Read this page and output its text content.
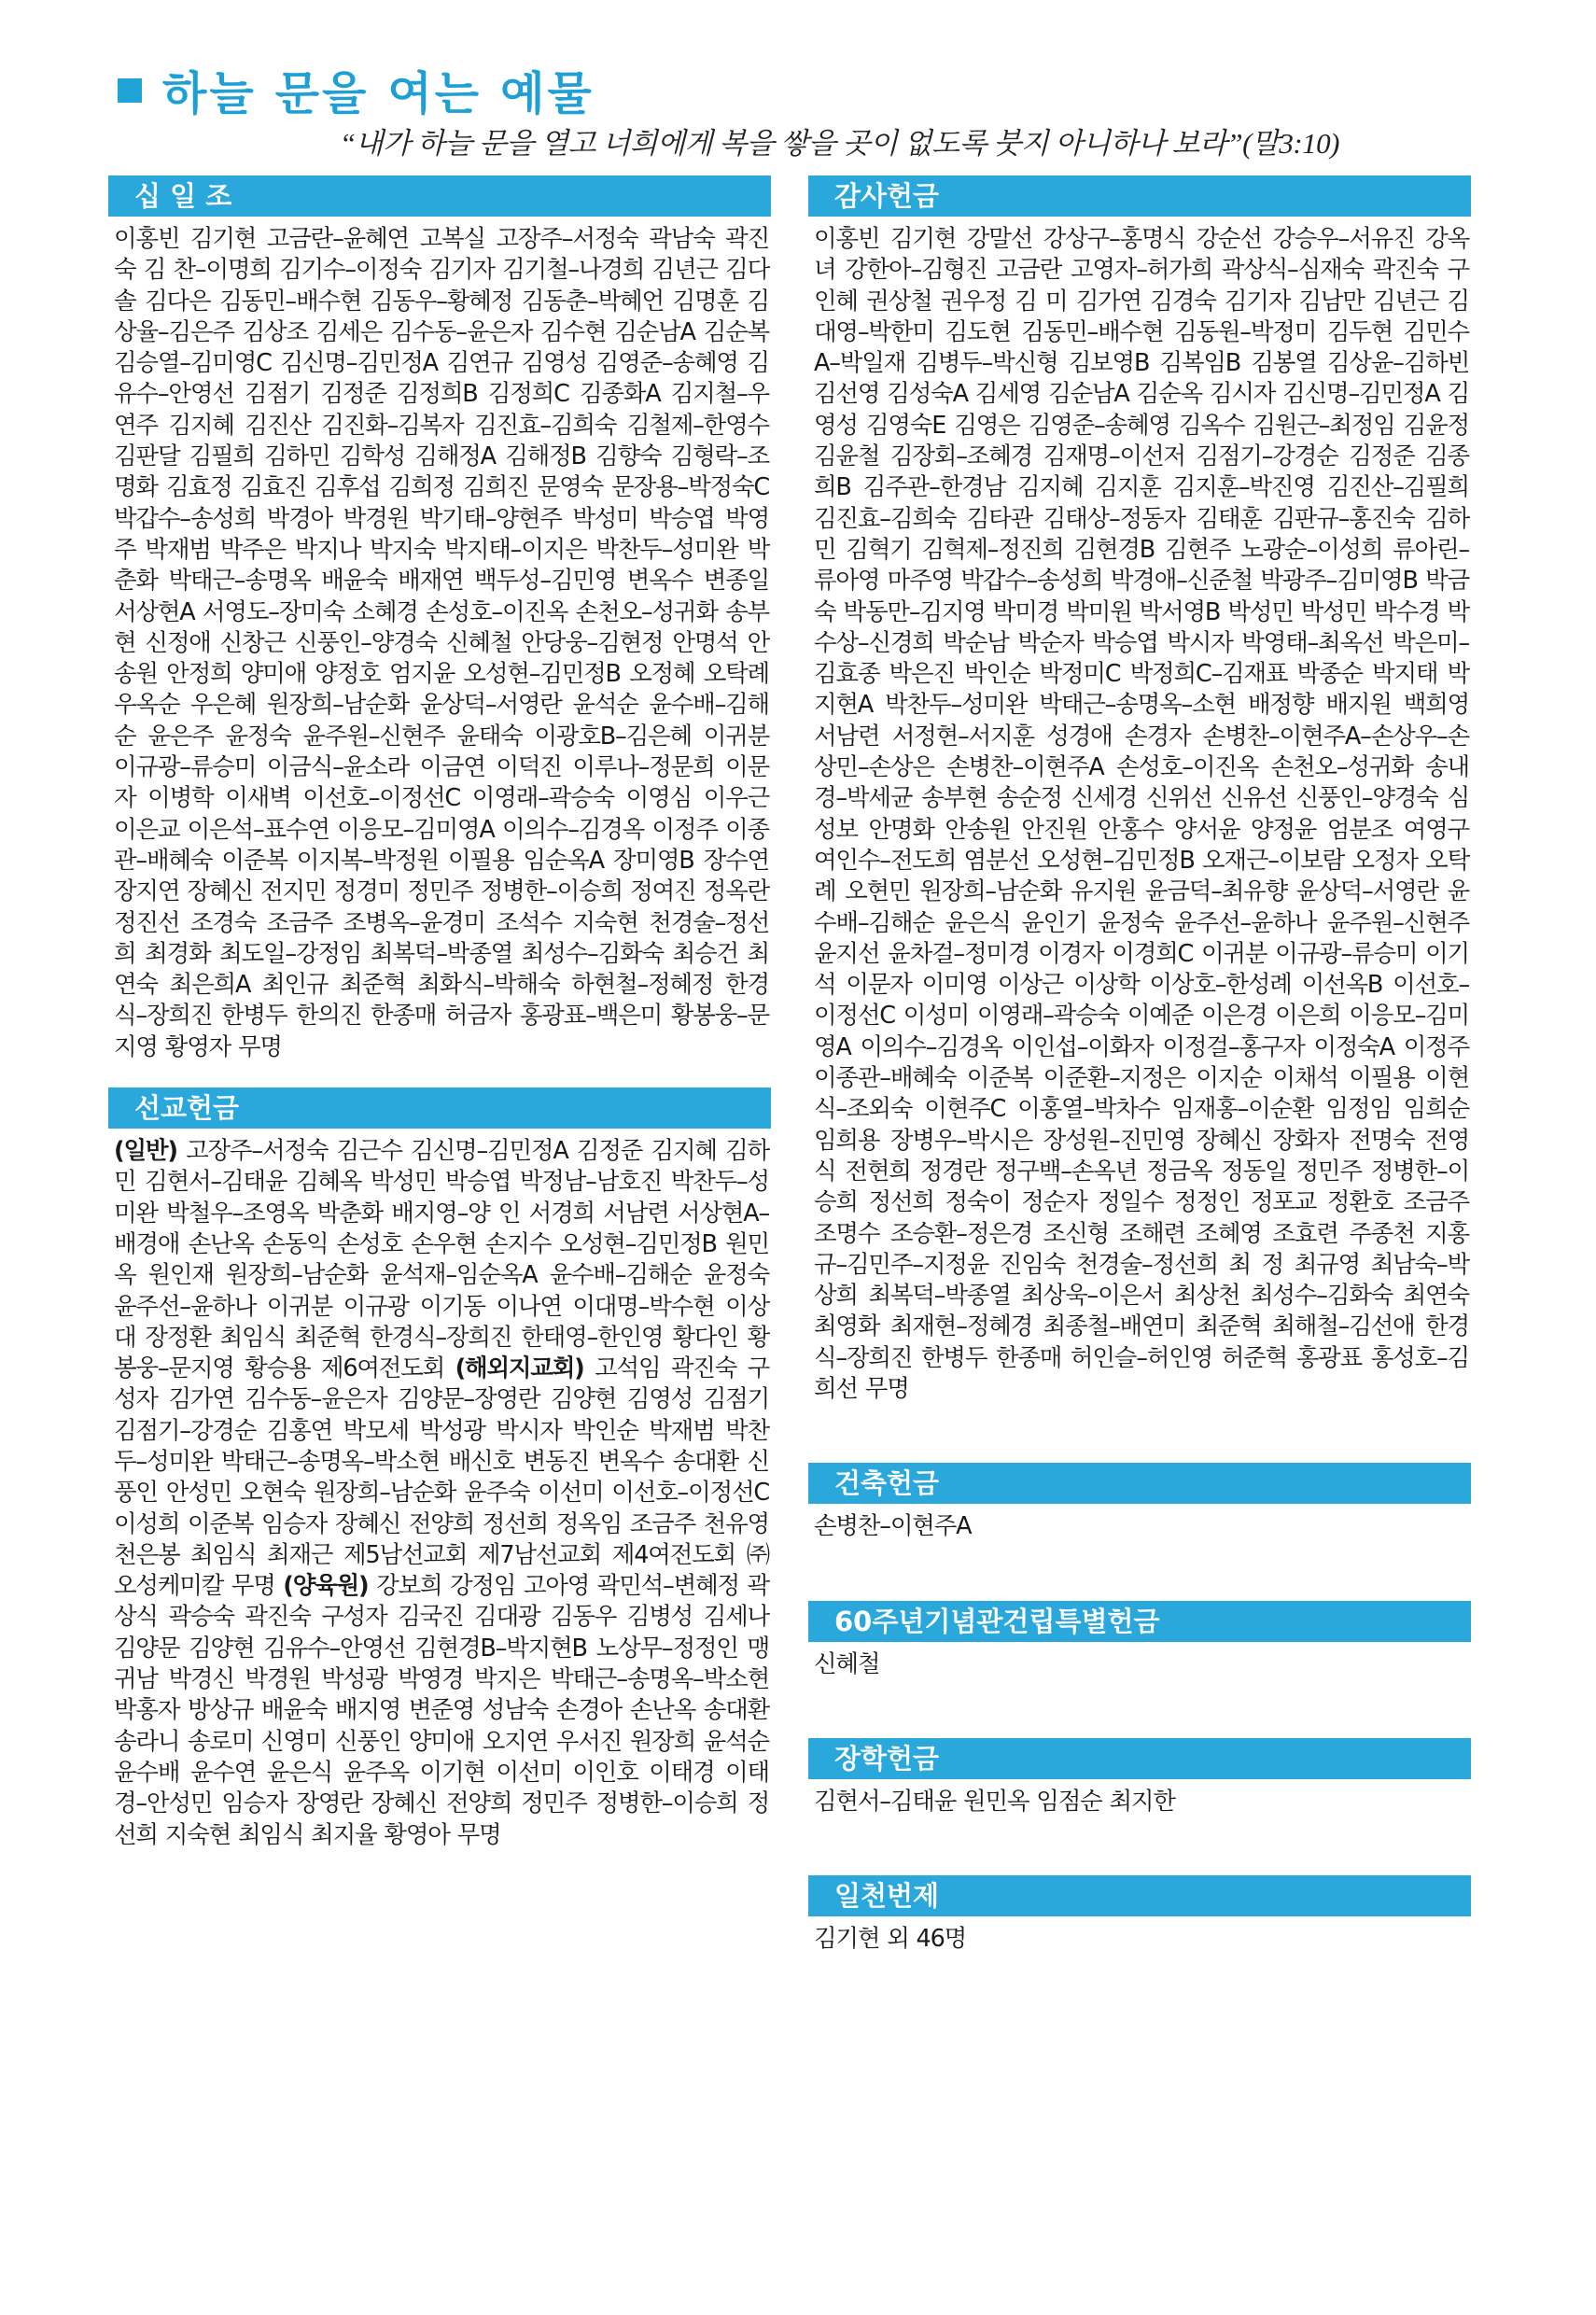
하늘 문을 여는 예물
“내가 하늘 문을 열고 너희에게 복을 쌓을 곳이 없도록 붓지 아니하나 보라”(말3:10)
십 일 조
이홍빈 김기현 고금란–윤혜연 고복실 고장주–서정숙 곽남숙 곽진숙 김 찬–이명희 김기수–이정숙 김기자 김기철–나경희 김년근 김다솔 김다은 김동민–배수현 김동우–황혜정 김동춘–박혜언 김명훈 김상율–김은주 김상조 김세은 김수동–윤은자 김수현 김순남A 김순복 김승열–김미영C 김신명–김민정A 김연규 김영성 김영준–송혜영 김유수–안영선 김점기 김정준 김정희B 김정희C 김종화A 김지철–우연주 김지혜 김진산 김진화–김복자 김진효–김희숙 김철제–한영수 김판달 김필희 김하민 김학성 김해정A 김해정B 김향숙 김형락–조명화 김효정 김효진 김후섭 김희정 김희진 문영숙 문장용–박정숙C 박갑수–송성희 박경아 박경원 박기태–양현주 박성미 박승엽 박영주 박재범 박주은 박지나 박지숙 박지태–이지은 박찬두–성미완 박춘화 박태근–송명옥 배윤숙 배재연 백두성–김민영 변옥수 변종일 서상현A 서영도–장미숙 소혜경 손성호–이진옥 손천오–성귀화 송부현 신정애 신창근 신풍인–양경숙 신혜철 안당웅–김현정 안명석 안송원 안정희 양미애 양정호 엄지윤 오성현–김민정B 오정혜 오탁례 우옥순 우은혜 원장희–남순화 윤상덕–서영란 윤석순 윤수배–김해순 윤은주 윤정숙 윤주원–신현주 윤태숙 이광호B–김은혜 이귀분 이규광–류승미 이금식–윤소라 이금연 이덕진 이루나–정문희 이문자 이병학 이새벽 이선호–이정선C 이영래–곽승숙 이영심 이우근 이은교 이은석–표수연 이응모–김미영A 이의수–김경옥 이정주 이종관–배혜숙 이준복 이지복–박정원 이필용 임순옥A 장미영B 장수연 장지연 장혜신 전지민 정경미 정민주 정병한–이승희 정여진 정옥란 정진선 조경숙 조금주 조병옥–윤경미 조석수 지숙현 천경술–정선희 최경화 최도일–강정임 최복덕–박종열 최성수–김화숙 최승건 최연숙 최은희A 최인규 최준혁 최화식–박해숙 하현철–정혜정 한경식–장희진 한병두 한의진 한종매 허금자 홍광표–백은미 황봉웅–문지영 황영자 무명
선교헌금
(일반) 고장주–서정숙 김근수 김신명–김민정A 김정준 김지혜 김하민 김현서–김태윤 김혜옥 박성민 박승엽 박정남–남호진 박찬두–성미완 박철우–조영옥 박춘화 배지영–양 인 서경희 서남련 서상현A–배경애 손난옥 손동익 손성호 손우현 손지수 오성현–김민정B 원민옥 원인재 원장희–남순화 윤석재–임순옥A 윤수배–김해순 윤정숙 윤주선–윤하나 이귀분 이규광 이기동 이나연 이대명–박수현 이상대 장정환 최임식 최준혁 한경식–장희진 한태영–한인영 황다인 황봉웅–문지영 황승용 제6여전도회 (해외지교회) 고석임 곽진숙 구성자 김가연 김수동–윤은자 김양문–장영란 김양현 김영성 김점기 김점기–강경순 김홍연 박모세 박성광 박시자 박인순 박재범 박찬두–성미완 박태근–송명옥–박소현 배신호 변동진 변옥수 송대환 신풍인 안성민 오현숙 원장희–남순화 윤주숙 이선미 이선호–이정선C 이성희 이준복 임승자 장혜신 전양희 정선희 정옥임 조금주 천유영 천은봉 최임식 최재근 제5남선교회 제7남선교회 제4여전도회 ㈜오성케미칼 무명 (양육원) 강보희 강정임 고아영 곽민석–변혜정 곽상식 곽승숙 곽진숙 구성자 김국진 김대광 김동우 김병성 김세나 김양문 김양현 김유수–안영선 김현경B–박지현B 노상무–정정인 맹귀남 박경신 박경원 박성광 박영경 박지은 박태근–송명옥–박소현 박홍자 방상규 배윤숙 배지영 변준영 성남숙 손경아 손난옥 송대환 송라니 송로미 신영미 신풍인 양미애 오지연 우서진 원장희 윤석순 윤수배 윤수연 윤은식 윤주옥 이기현 이선미 이인호 이태경 이태경–안성민 임승자 장영란 장혜신 전양희 정민주 정병한–이승희 정선희 지숙현 최임식 최지율 황영아 무명
감사헌금
이홍빈 김기현 강말선 강상구–홍명식 강순선 강승우–서유진 강옥녀 강한아–김형진 고금란 고영자–허가희 곽상식–심재숙 곽진숙 구인혜 권상철 권우정 김 미 김가연 김경숙 김기자 김남만 김년근 김대영–박한미 김도현 김동민–배수현 김동원–박정미 김두현 김민수A–박일재 김병두–박신형 김보영B 김복임B 김봉열 김상윤–김하빈 김선영 김성숙A 김세영 김순남A 김순옥 김시자 김신명–김민정A 김영성 김영숙E 김영은 김영준–송혜영 김옥수 김원근–최정임 김윤정 김윤철 김장회–조혜경 김재명–이선저 김점기–강경순 김정준 김종희B 김주관–한경남 김지혜 김지훈 김지훈–박진영 김진산–김필희 김진효–김희숙 김타관 김태상–정동자 김태훈 김판규–홍진숙 김하민 김혁기 김혁제–정진희 김현경B 김현주 노광순–이성희 류아린–류아영 마주영 박갑수–송성희 박경애–신준철 박광주–김미영B 박금숙 박동만–김지영 박미경 박미원 박서영B 박성민 박성민 박수경 박수상–신경희 박순남 박순자 박승엽 박시자 박영태–최옥선 박은미–김효종 박은진 박인순 박정미C 박정희C–김재표 박종순 박지태 박지현A 박찬두–성미완 박태근–송명옥–소현 배정향 배지원 백희영 서남련 서정현–서지훈 성경애 손경자 손병찬–이현주A–손상우–손상민–손상은 손병찬–이현주A 손성호–이진옥 손천오–성귀화 송내경–박세균 송부현 송순정 신세경 신위선 신유선 신풍인–양경숙 심성보 안명화 안송원 안진원 안홍수 양서윤 양정윤 엄분조 여영구 여인수–전도희 염분선 오성현–김민정B 오재근–이보람 오정자 오탁례 오현민 원장희–남순화 유지원 윤금덕–최유향 윤상덕–서영란 윤수배–김해순 윤은식 윤인기 윤정숙 윤주선–윤하나 윤주원–신현주 윤지선 윤차걸–정미경 이경자 이경희C 이귀분 이규광–류승미 이기석 이문자 이미영 이상근 이상학 이상호–한성례 이선옥B 이선호–이정선C 이성미 이영래–곽승숙 이예준 이은경 이은희 이응모–김미영A 이의수–김경옥 이인섭–이화자 이정걸–홍구자 이정숙A 이정주 이종관–배혜숙 이준복 이준환–지정은 이지순 이채석 이필용 이현식–조외숙 이현주C 이홍열–박차수 임재홍–이순환 임정임 임희순 임희용 장병우–박시은 장성원–진민영 장혜신 장화자 전명숙 전영식 전현희 정경란 정구백–손옥년 정금옥 정동일 정민주 정병한–이승희 정선희 정숙이 정순자 정일수 정정인 정포교 정환호 조금주 조명수 조승환–정은경 조신형 조해련 조혜영 조효련 주종천 지홍규–김민주–지정윤 진임숙 천경술–정선희 최 정 최규영 최남숙–박상희 최복덕–박종열 최상욱–이은서 최상천 최성수–김화숙 최연숙 최영화 최재현–정혜경 최종철–배연미 최준혁 최해철–김선애 한경식–장희진 한병두 한종매 허인슬–허인영 허준혁 홍광표 홍성호–김희선 무명
건축헌금
손병찬–이현주A
60주년기념관건립특별헌금
신혜철
장학헌금
김현서–김태윤 원민옥 임점순 최지한
일천번제
김기현 외 46명
